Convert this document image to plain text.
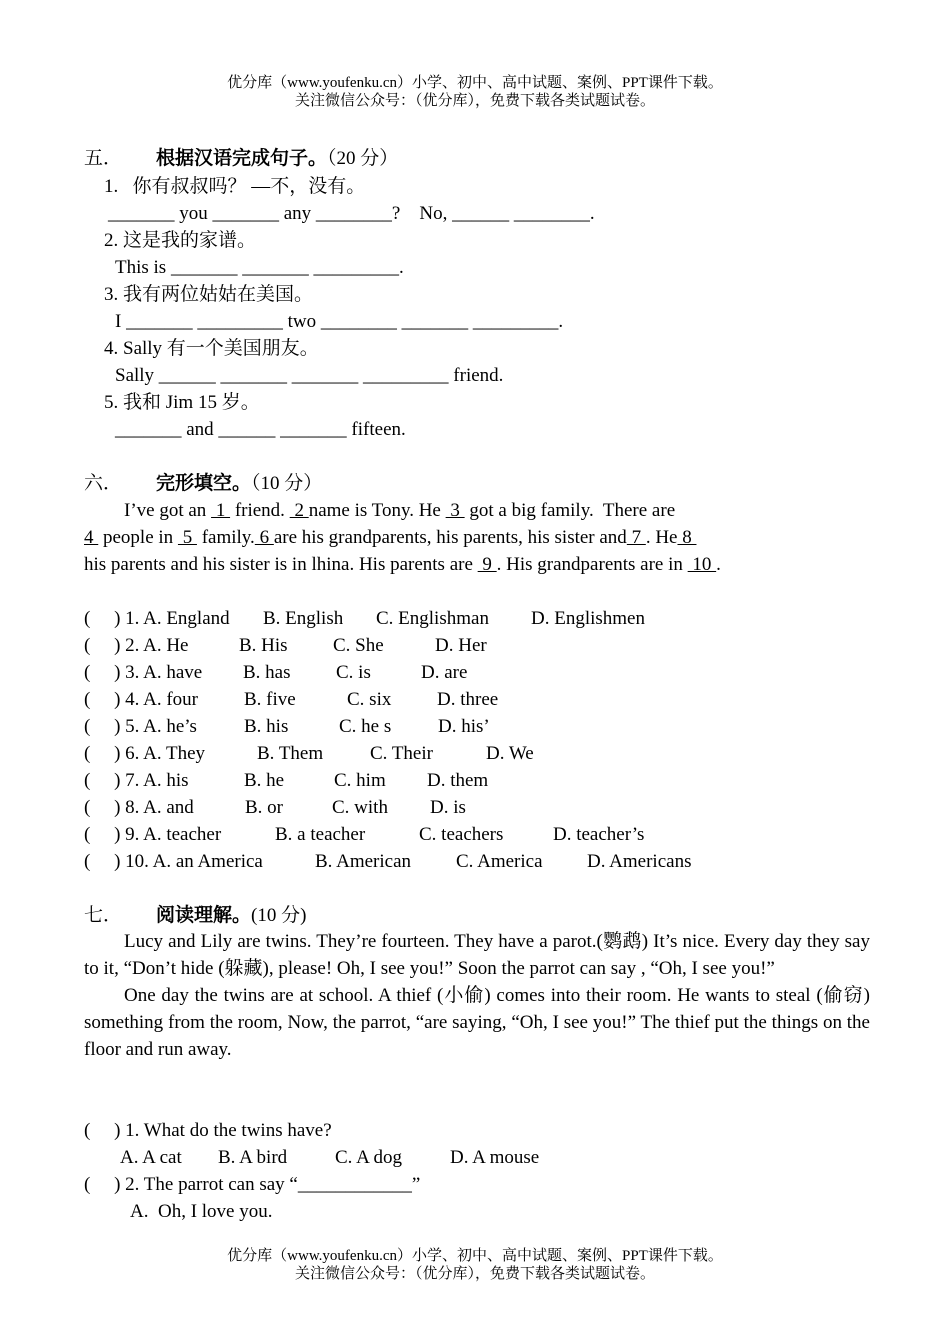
优分库（www.youfenku.cn）小学、初中、高中试题、案例、PPT课件下载。
关注微信公众号：（优分库），免费下载各类试题试卷。
五． 根据汉语完成句子。（20 分）
1.   你有叔叔吗？ —不，没有。
_______ you _______ any ________?    No, ______ ________.
2. 这是我的家谱。
This is _______ _______ _________.
3. 我有两位姑姑在美国。
I _______ _________ two ________ _______ _________.
4. Sally 有一个美国朋友。
Sally ______ _______ _______ _________ friend.
5. 我和 Jim 15 岁。
_______ and ______ _______ fifteen.
六． 完形填空。（10 分）
I’ve got an  1  friend.  2 name is Tony. He  3  got a big family.  There are
4  people in  5  family. 6 are his grandparents, his parents, his sister and 7 . He 8
his parents and his sister is in lhina. His parents are  9 . His grandparents are in  10 .
(     ) 1. A. England B. English C. Englishman D. Englishmen
(     ) 2. A. He	B. His C. She	D. Her
(     ) 3. A. have B. has C. is	D. are
(     ) 4. A. four B. five	C. six D. three
(     ) 5. A. he’s B. his	C. he s D. his’
(     ) 6. A. They	B. Them C. Their	D. We
(     ) 7. A. his	B. he	C. him D. them
(     ) 8. A. and	B. or	C. with D. is
(     ) 9. A. teacher	B. a teacher	C. teachers	D. teacher’s
(     ) 10. A. an America	B. American C. America D. Americans
七． 阅读理解。(10 分)

Lucy and Lily are twins. They’re fourteen. They have a parot.(鹦鹉) It’s nice. Every day they say to it, “Don’t hide (躲藏), please! Oh, I see you!” Soon the parrot can say , “Oh, I see you!”

One day the twins are at school. A thief (小偷) comes into their room. He wants to steal (偷窃) something from the room, Now, the parrot, “are saying, “Oh, I see you!” The thief put the things on the floor and run away.

(     ) 1. What do the twins have?
A. A cat B. A bird	C. A dog	D. A mouse
(     ) 2. The parrot can say “____________”
A.  Oh, I love you.
优分库（www.youfenku.cn）小学、初中、高中试题、案例、PPT课件下载。
关注微信公众号：（优分库），免费下载各类试题试卷。
